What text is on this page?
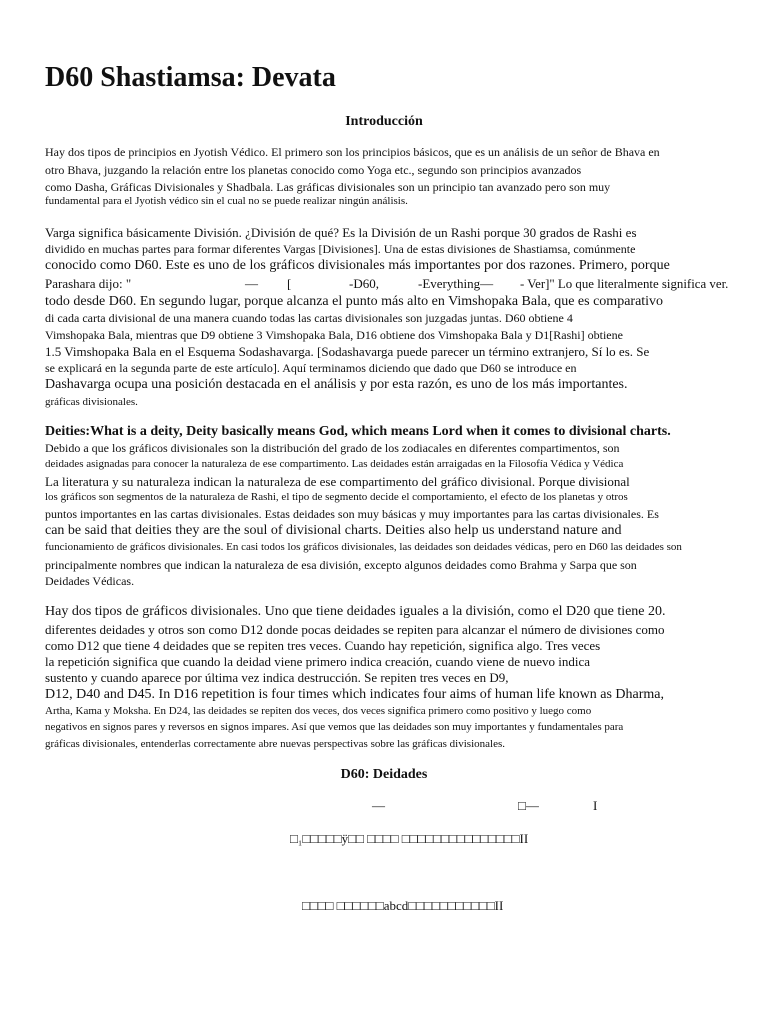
D60 Shastiamsa: Devata
Introducción
Hay dos tipos de principios en Jyotish Védico. El primero son los principios básicos, que es un análisis de un señor de Bhava en
otro Bhava, juzgando la relación entre los planetas conocido como Yoga etc., segundo son principios avanzados
como Dasha, Gráficas Divisionales y Shadbala. Las gráficas divisionales son un principio tan avanzado pero son muy
fundamental para el Jyotish védico sin el cual no se puede realizar ningún análisis.
Varga significa básicamente División. ¿División de qué? Es la División de un Rashi porque 30 grados de Rashi es
dividido en muchas partes para formar diferentes Vargas [Divisiones]. Una de estas divisiones de Shastiamsa, comúnmente
conocido como D60. Este es uno de los gráficos divisionales más importantes por dos razones. Primero, porque
Parashara dijo: "	— [	-D60,	-Everything— - Ver]" Lo que literalmente significa ver.
todo desde D60. En segundo lugar, porque alcanza el punto más alto en Vimshopaka Bala, que es comparativo
di cada carta divisional de una manera cuando todas las cartas divisionales son juzgadas juntas. D60 obtiene 4
Vimshopaka Bala, mientras que D9 obtiene 3 Vimshopaka Bala, D16 obtiene dos Vimshopaka Bala y D1[Rashi] obtiene
1.5 Vimshopaka Bala en el Esquema Sodashavarga. [Sodashavarga puede parecer un término extranjero, Sí lo es. Se
se explicará en la segunda parte de este artículo]. Aquí terminamos diciendo que dado que D60 se introduce en
Dashavarga ocupa una posición destacada en el análisis y por esta razón, es uno de los más importantes.
gráficas divisionales.
Deities:What is a deity, Deity basically means God, which means Lord when it comes to divisional charts.
Debido a que los gráficos divisionales son la distribución del grado de los zodiacales en diferentes compartimentos, son
deidades asignadas para conocer la naturaleza de ese compartimento. Las deidades están arraigadas en la Filosofía Védica y Védica
La literatura y su naturaleza indican la naturaleza de ese compartimento del gráfico divisional. Porque divisional
los gráficos son segmentos de la naturaleza de Rashi, el tipo de segmento decide el comportamiento, el efecto de los planetas y otros
puntos importantes en las cartas divisionales. Estas deidades son muy básicas y muy importantes para las cartas divisionales. Es
can be said that deities they are the soul of divisional charts. Deities also help us understand nature and
funcionamiento de gráficos divisionales. En casi todos los gráficos divisionales, las deidades son deidades védicas, pero en D60 las deidades son
principalmente nombres que indican la naturaleza de esa división, excepto algunos deidades como Brahma y Sarpa que son
Deidades Védicas.
Hay dos tipos de gráficos divisionales. Uno que tiene deidades iguales a la división, como el D20 que tiene 20.
diferentes deidades y otros son como D12 donde pocas deidades se repiten para alcanzar el número de divisiones como
como D12 que tiene 4 deidades que se repiten tres veces. Cuando hay repetición, significa algo. Tres veces
la repetición significa que cuando la deidad viene primero indica creación, cuando viene de nuevo indica
sustento y cuando aparece por última vez indica destrucción. Se repiten tres veces en D9,
D12, D40 and D45. In D16 repetition is four times which indicates four aims of human life known as Dharma,
Artha, Kama y Moksha. En D24, las deidades se repiten dos veces, dos veces significa primero como positivo y luego como
negativos en signos pares y reversos en signos impares. Así que vemos que las deidades son muy importantes y fundamentales para
gráficas divisionales, entenderlas correctamente abre nuevas perspectivas sobre las gráficas divisionales.
D60: Deidades
—	□—	I
□₁□□□□□ÿ□□ □□□□ □□□□□□□□□□□□□□□II
□□□□ □□□□□□abcd□□□□□□□□□□□II
